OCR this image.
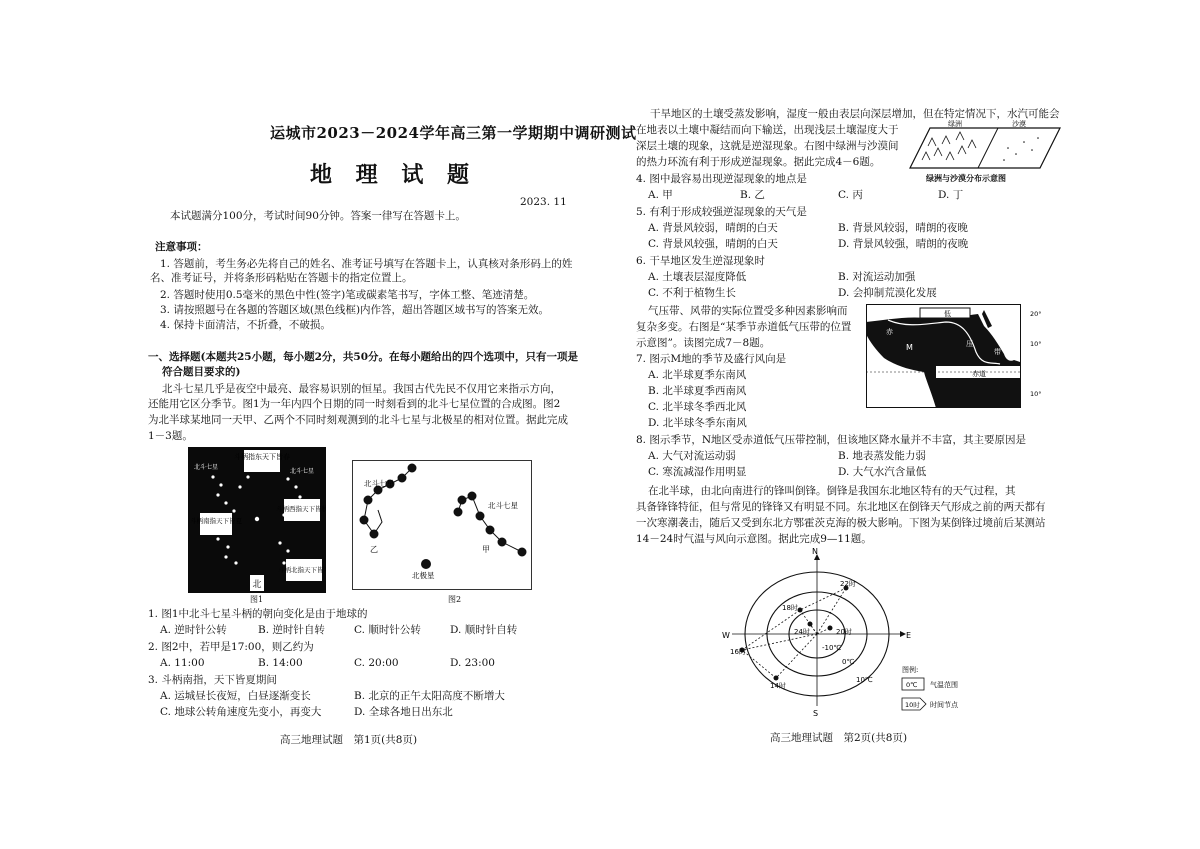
运城市2023－2024学年高三第一学期期中调研测试
地 理 试 题
2023. 11
本试题满分100分，考试时间90分钟。答案一律写在答题卡上。
注意事项：
1. 答题前，考生务必先将自己的姓名、准考证号填写在答题卡上，认真核对条形码上的姓
名、准考证号，并将条形码粘贴在答题卡的指定位置上。
2. 答题时使用0.5毫米的黑色中性(签字)笔或碳素笔书写，字体工整、笔迹清楚。
3. 请按照题号在各题的答题区域(黑色线框)内作答，超出答题区域书写的答案无效。
4. 保持卡面清洁，不折叠，不破损。
一、选择题(本题共25小题，每小题2分，共50分。在每小题给出的四个选项中，只有一项是
符合题目要求的)
北斗七星几乎是夜空中最亮、最容易识别的恒星。我国古代先民不仅用它来指示方向，
还能用它区分季节。图1为一年内四个日期的同一时刻看到的北斗七星位置的合成图。图2
为北半球某地同一天甲、乙两个不同时刻观测到的北斗七星与北极星的相对位置。据此完成
1－3题。
斗柄指东天下皆春
斗柄南指天下皆夏
斗柄西指天下皆秋
斗柄北指天下皆冬
北斗七星
北斗七星
北
图1
北斗七星
北斗七星
乙	甲
北极星
图2
1. 图1中北斗七星斗柄的朝向变化是由于地球的
A. 逆时针公转	B. 逆时针自转	C. 顺时针公转	D. 顺时针自转
2. 图2中，若甲是17:00，则乙约为
A. 11:00	B. 14:00	C. 20:00	D. 23:00
3. 斗柄南指，天下皆夏期间
A. 运城昼长夜短，白昼逐渐变长	B. 北京的正午太阳高度不断增大
C. 地球公转角速度先变小，再变大	D. 全球各地日出东北
高三地理试题　第1页(共8页)
干旱地区的土壤受蒸发影响，湿度一般由表层向深层增加，但在特定情况下，水汽可能会
在地表以土壤中凝结而向下输送，出现浅层土壤湿度大于
深层土壤的现象，这就是逆湿现象。右图中绿洲与沙漠间
的热力环流有利于形成逆湿现象。据此完成4－6题。
绿洲	沙漠
绿洲与沙漠分布示意图
4. 图中最容易出现逆湿现象的地点是
A. 甲	B. 乙	C. 丙	D. 丁
5. 有利于形成较强逆湿现象的天气是
A. 背景风较弱，晴朗的白天	B. 背景风较弱，晴朗的夜晚
C. 背景风较强，晴朗的白天	D. 背景风较强，晴朗的夜晚
6. 干旱地区发生逆湿现象时
A. 土壤表层湿度降低	B. 对流运动加强
C. 不利于植物生长	D. 会抑制荒漠化发展
气压带、风带的实际位置受多种因素影响而
复杂多变。右图是“某季节赤道低气压带的位置
示意图”。读图完成7－8题。
20°
10°
10°
M
N
赤道
赤
低
压
带
7. 图示M地的季节及盛行风向是
A. 北半球夏季东南风
B. 北半球夏季西南风
C. 北半球冬季西北风
D. 北半球冬季东南风
8. 图示季节，N地区受赤道低气压带控制，但该地区降水量并不丰富，其主要原因是
A. 大气对流运动弱	B. 地表蒸发能力弱
C. 寒流减湿作用明显	D. 大气水汽含量低
在北半球，由北向南进行的锋叫倒锋。倒锋是我国东北地区特有的天气过程，其
具备锋锋特征，但与常见的锋锋又有明显不同。东北地区在倒锋天气形成之前的两天都有
一次寒潮袭击，随后又受到东北方鄂霍茨克海的极大影响。下图为某倒锋过境前后某测站
14－24时气温与风向示意图。据此完成9—11题。
N
S
E
W
22时
18时
24时	20时
16时
14时
-10℃
0℃
10℃
图例:
0℃ 气温范围
10时 时间节点
高三地理试题　第2页(共8页)
